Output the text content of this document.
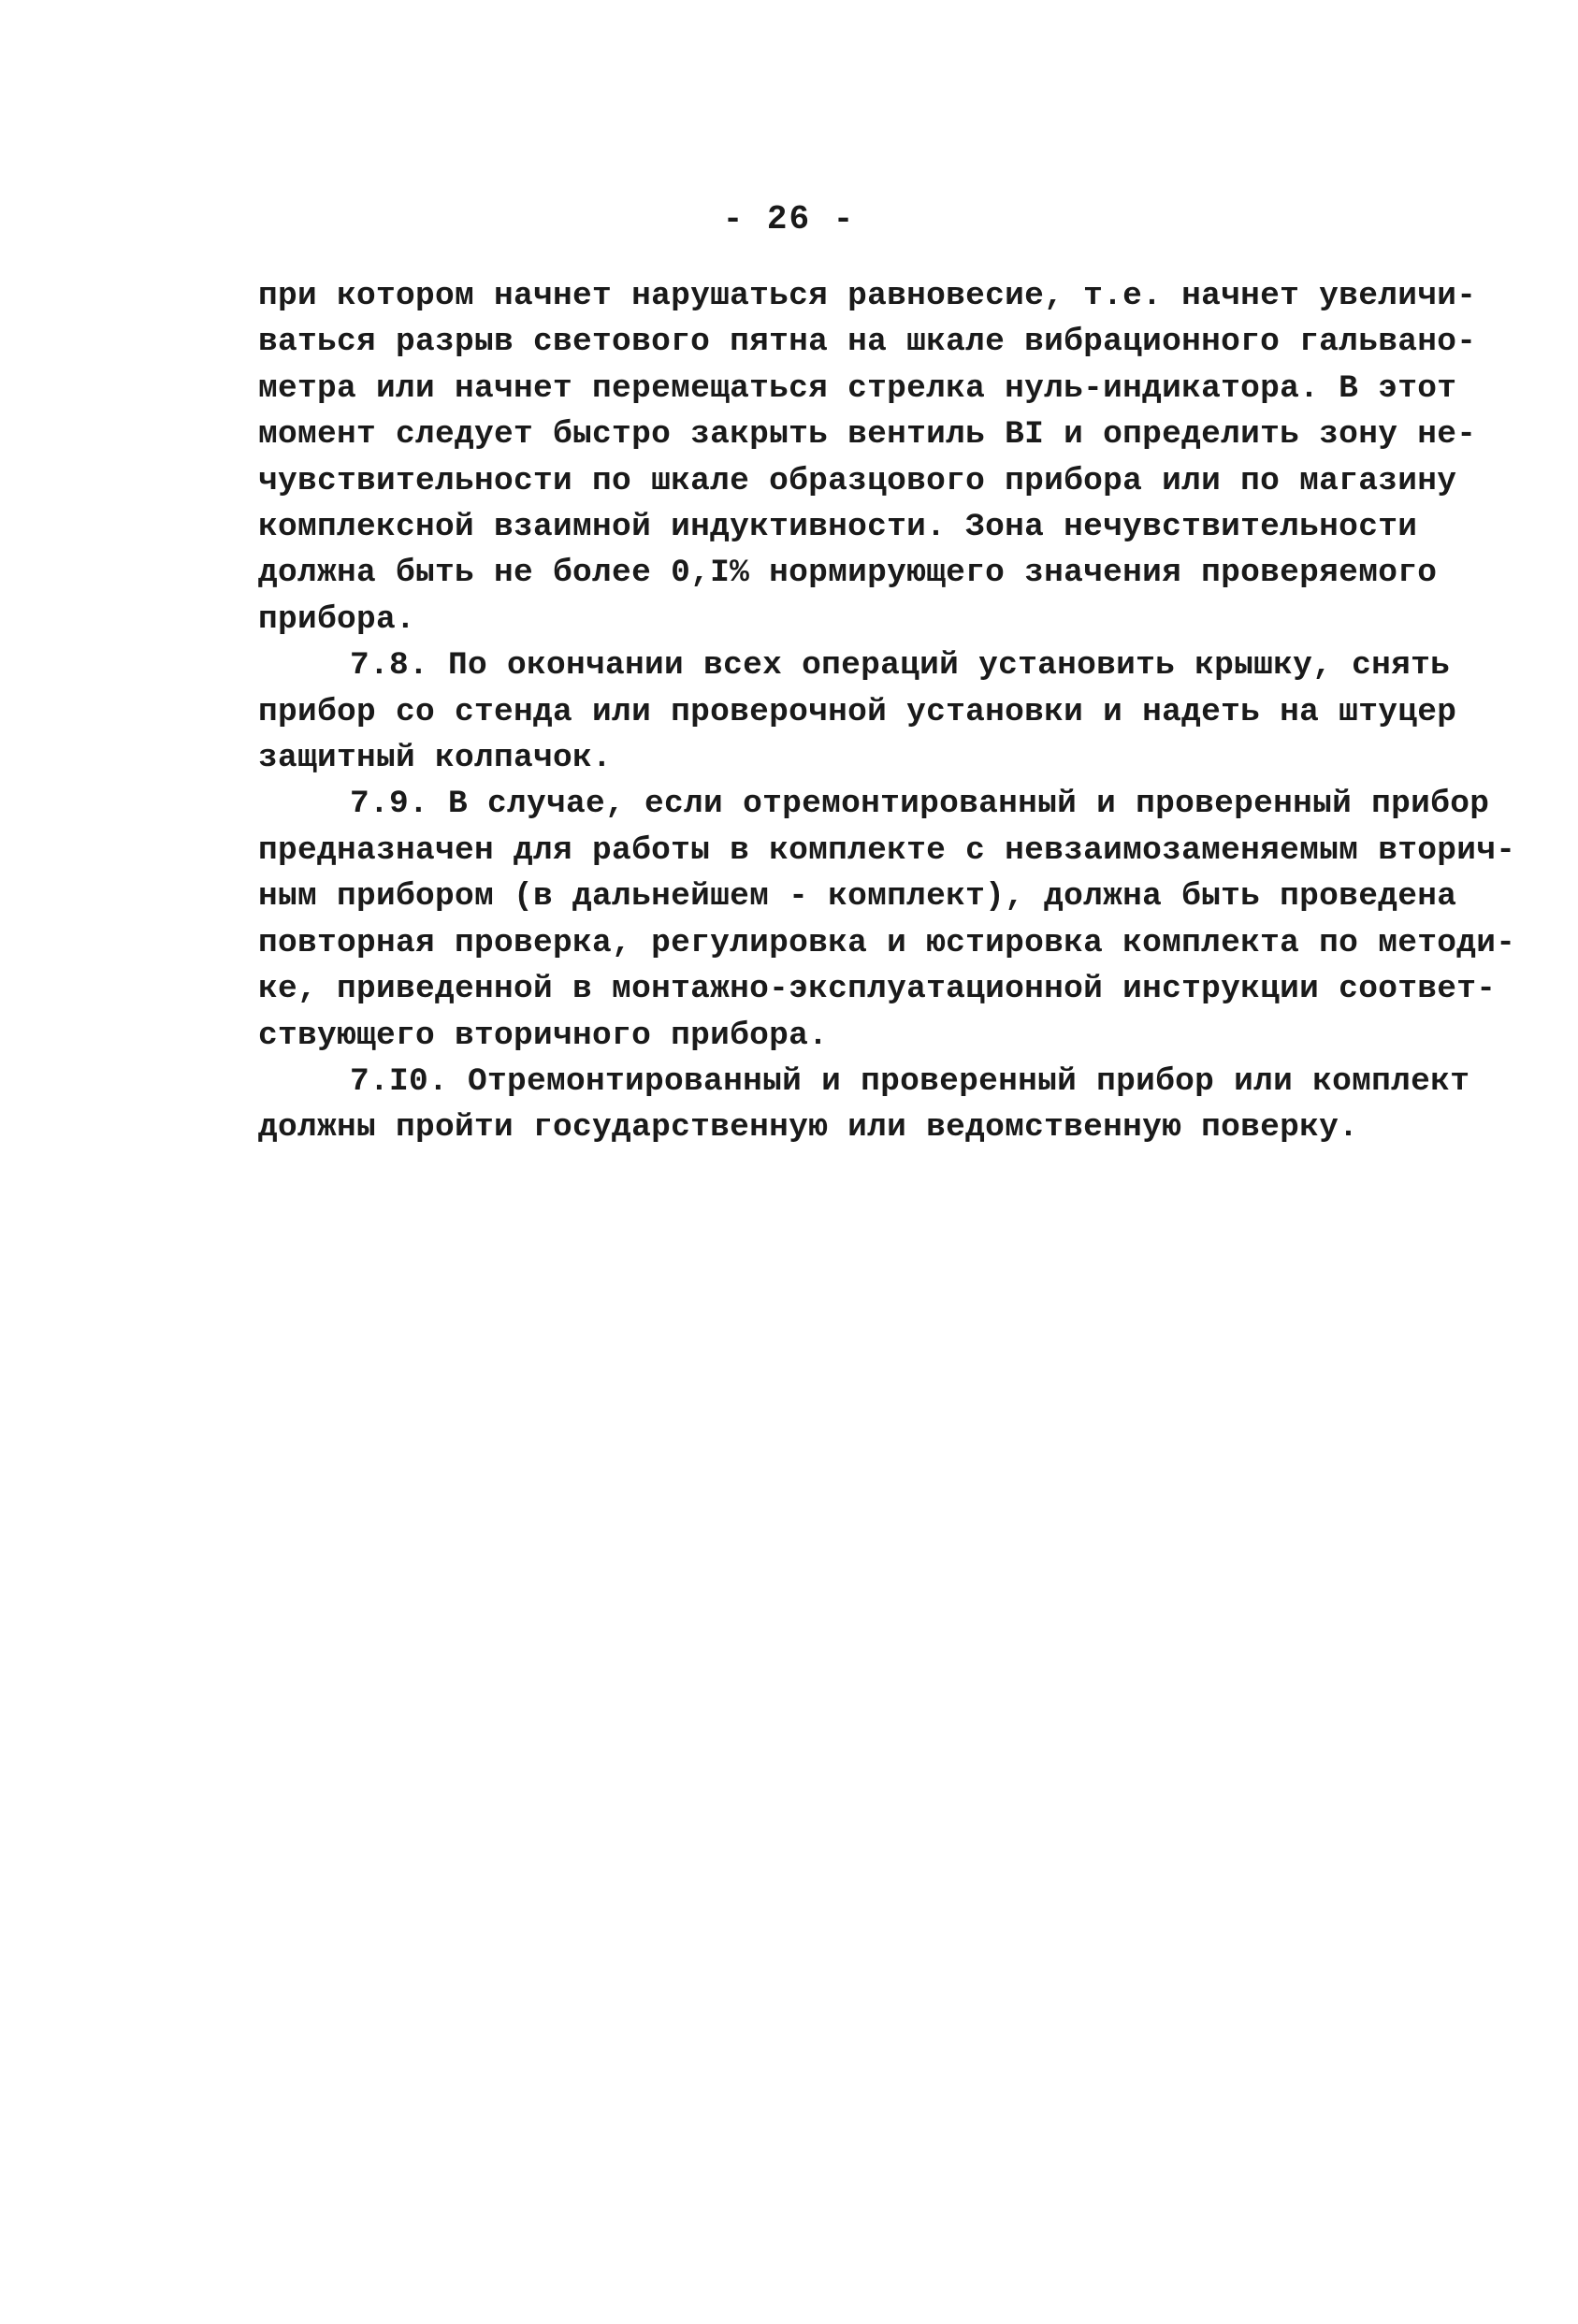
- 26 -
при котором начнет нарушаться равновесие, т.е. начнет увеличи-
ваться разрыв светового пятна на шкале вибрационного гальвано-
метра или начнет перемещаться стрелка нуль-индикатора. В этот
момент следует быстро закрыть вентиль BI и определить зону не-
чувствительности по шкале образцового прибора или по магазину
комплексной взаимной индуктивности. Зона нечувствительности
должна быть не более 0,I% нормирующего значения проверяемого
прибора.
7.8. По окончании всех операций установить крышку, снять
прибор со стенда или проверочной установки и надеть на штуцер
защитный колпачок.
7.9. В случае, если отремонтированный и проверенный прибор
предназначен для работы в комплекте с невзаимозаменяемым вторич-
ным прибором (в дальнейшем - комплект), должна быть проведена
повторная проверка, регулировка и юстировка комплекта по методи-
ке, приведенной в монтажно-эксплуатационной инструкции соответ-
ствующего вторичного прибора.
7.I0. Отремонтированный и проверенный прибор или комплект
должны пройти государственную или ведомственную поверку.
